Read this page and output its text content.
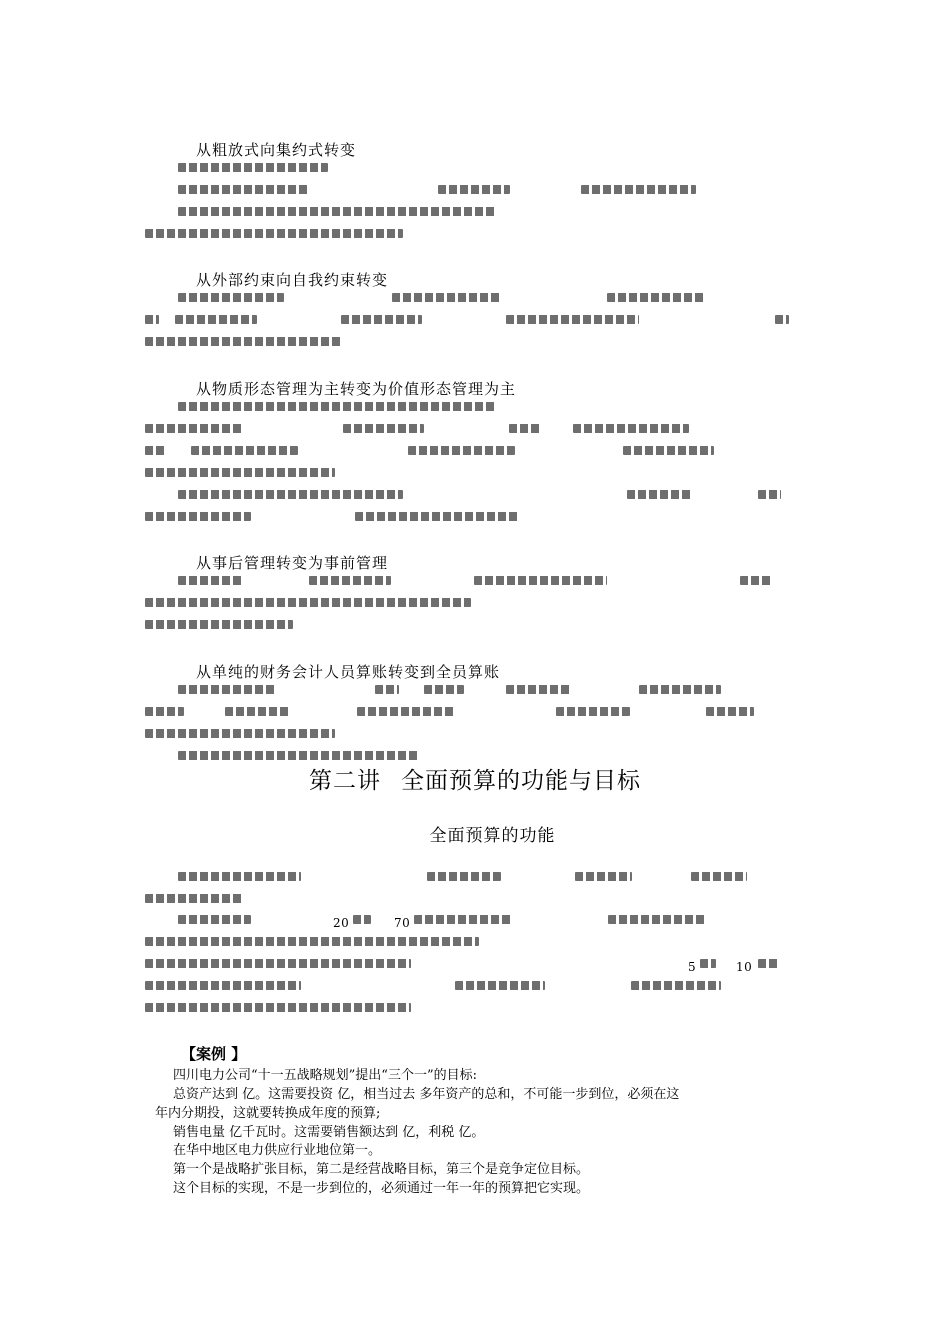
从粗放式向集约式转变
从外部约束向自我约束转变
从物质形态管理为主转变为价值形态管理为主
从事后管理转变为事前管理
从单纯的财务会计人员算账转变到全员算账
第二讲 全面预算的功能与目标
全面预算的功能
20	70
5	10
【案例 】
四川电力公司“十一五战略规划”提出“三个一”的目标:
总资产达到 亿。这需要投资 亿，相当过去 多年资产的总和，不可能一步到位，必须在这
年内分期投，这就要转换成年度的预算;
销售电量 亿千瓦时。这需要销售额达到 亿，利税 亿。
在华中地区电力供应行业地位第一。
第一个是战略扩张目标，第二是经营战略目标，第三个是竞争定位目标。
这个目标的实现，不是一步到位的，必须通过一年一年的预算把它实现。
